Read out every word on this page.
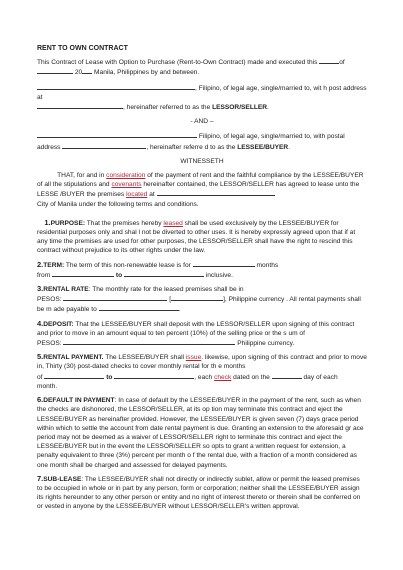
RENT TO OWN CONTRACT

This Contract of Lease with Option to Purchase (Rent-to-Own Contract) made and executed this	of
20 Manila, Philippines by and between.

, Filipino, of legal age, single/married to, wit h post address at
, hereinafter referred to as the LESSOR/SELLER.

- AND –

Filipino, of legal age, single/married to, with postal
address	, hereinafter referre d to as the LESSEE/BUYER.

WITNESSETH

THAT, for and in consideration of the payment of rent and the faithful compliance by the LESSEE/BUYER of all the stipulations and covenants hereinafter contained, the LESSOR/SELLER has agreed to lease unto the LESSE /BUYER the premises located at
City of Manila under the following terms and conditions.

1.PURPOSE: That the premises hereby leased shall be used exclusively by the LESSEE/BUYER for residential purposes only and shal l not be diverted to other uses. It is hereby expressly agreed upon that if at any time the premises are used for other purposes, the LESSOR/SELLER shall have the right to rescind this contract without prejudice to its other rights under the law.

2.TERM: The term of this non-renewable lease is for	months
from	to	inclusive.

3.RENTAL RATE: The monthly rate for the leased premises shall be in
PESOS:	[	], Philippine currency . All rental payments shall be m ade payable to	.

4.DEPOSIT: That the LESSEE/BUYER shall deposit with the LESSOR/SELLER upon signing of this contract and prior to move in an amount equal to ten percent (10%) of the selling price or the s um of
PESOS:	Philippine currency.

5.RENTAL PAYMENT. The LESSEE/BUYER shall issue. likewise, upon signing of this contract and prior to move in, Thirty (30) post-dated checks to cover monthly rental for th e months
of	to	, each check dated on the	day of each
month.

6.DEFAULT IN PAYMENT: In case of default by the LESSEE/BUYER in the payment of the rent, such as when the checks are dishonored, the LESSOR/SELLER, at its op tion may terminate this contract and eject the LESSEE/BUYER as hereinafter provided. However, the LESSEE/BUYER is given seven (7) days grace period within which to settle the account from date rental payment is due. Granting an extension to the aforesaid gr ace period may not be deemed as a waiver of LESSOR/SELLER right to terminate this contract and eject the LESSEE/BUYER but in the event the LESSOR/SELLER so opts to grant a written request for extension, a penalty equivalent to three (3%) percent per month o f the rental due, with a fraction of a month considered as one month shall be charged and assessed for delayed payments.

7.SUB-LEASE: The LESSEE/BUYER shall not directly or indirectly sublet, allow or permit the leased premises to be occupied in whole or in part by any person, form or corporation; neither shall the LESSEE/BUYER assign its rights hereunder to any other person or entity and no right of interest thereto or therein shall be conferred on or vested in anyone by the LESSEE/BUYER without LESSOR/SELLER's written approval.
